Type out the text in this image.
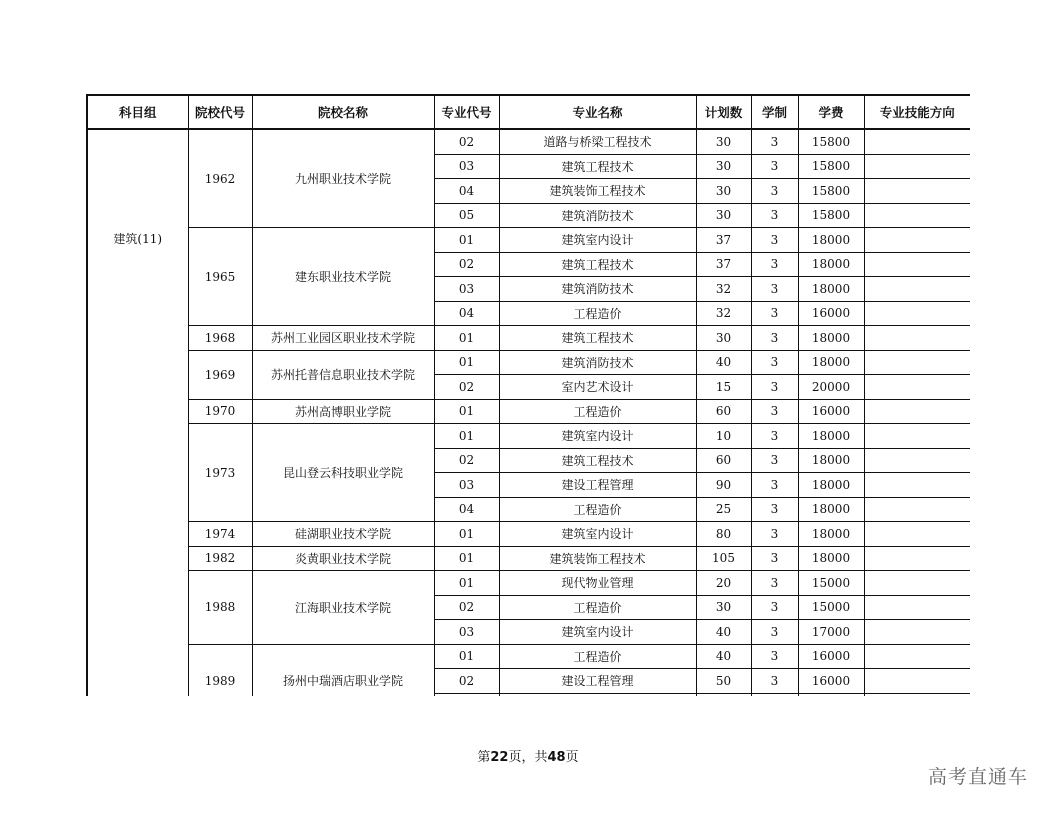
科目组	院校代号	院校名称	专业代号	专业名称	计划数	学制	学费	专业技能方向
建筑(11)	1962	九州职业技术学院	02	道路与桥梁工程技术	30	3	15800	
			03	建筑工程技术	30	3	15800	
			04	建筑装饰工程技术	30	3	15800	
			05	建筑消防技术	30	3	15800	
	1965	建东职业技术学院	01	建筑室内设计	37	3	18000	
			02	建筑工程技术	37	3	18000	
			03	建筑消防技术	32	3	18000	
			04	工程造价	32	3	16000	
	1968	苏州工业园区职业技术学院	01	建筑工程技术	30	3	18000	
	1969	苏州托普信息职业技术学院	01	建筑消防技术	40	3	18000	
			02	室内艺术设计	15	3	20000	
	1970	苏州高博职业学院	01	工程造价	60	3	16000	
	1973	昆山登云科技职业学院	01	建筑室内设计	10	3	18000	
			02	建筑工程技术	60	3	18000	
			03	建设工程管理	90	3	18000	
			04	工程造价	25	3	18000	
	1974	硅湖职业技术学院	01	建筑室内设计	80	3	18000	
	1982	炎黄职业技术学院	01	建筑装饰工程技术	105	3	18000	
	1988	江海职业技术学院	01	现代物业管理	20	3	15000	
			02	工程造价	30	3	15000	
			03	建筑室内设计	40	3	17000	
	1989	扬州中瑞酒店职业学院	01	工程造价	40	3	16000	
			02	建设工程管理	50	3	16000	

第22页，共48页
高考直通车
